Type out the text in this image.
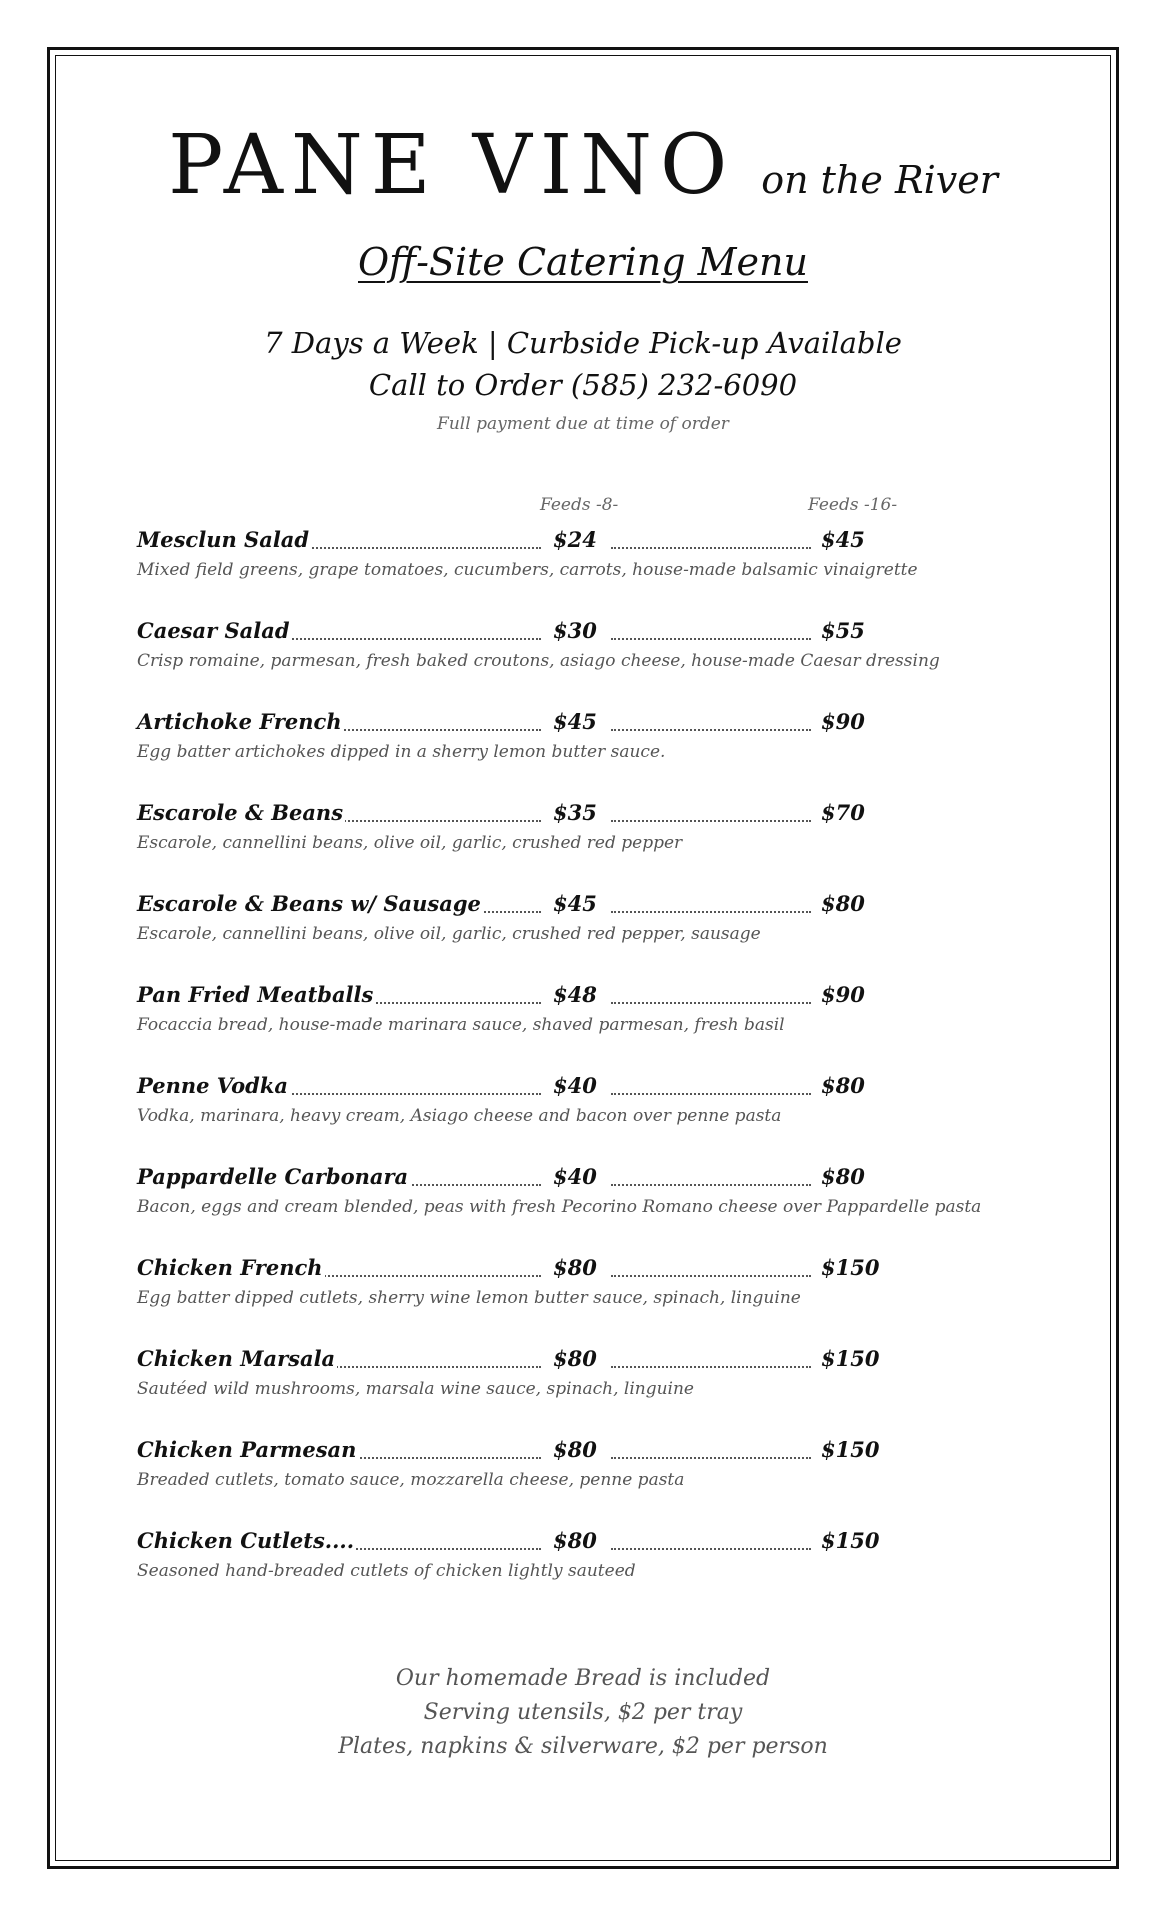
PANE VINO on the River
Off-Site Catering Menu
7 Days a Week | Curbside Pick-up Available
Call to Order (585) 232-6090
Full payment due at time of order
Feeds -8-	Feeds -16-
Mesclun Salad	$24	$45
Mixed field greens, grape tomatoes, cucumbers, carrots, house-made balsamic vinaigrette
Caesar Salad	$30	$55
Crisp romaine, parmesan, fresh baked croutons, asiago cheese, house-made Caesar dressing
Artichoke French	$45	$90
Egg batter artichokes dipped in a sherry lemon butter sauce.
Escarole & Beans	$35	$70
Escarole, cannellini beans, olive oil, garlic, crushed red pepper
Escarole & Beans w/ Sausage	$45	$80
Escarole, cannellini beans, olive oil, garlic, crushed red pepper, sausage
Pan Fried Meatballs	$48	$90
Focaccia bread, house-made marinara sauce, shaved parmesan, fresh basil
Penne Vodka	$40	$80
Vodka, marinara, heavy cream, Asiago cheese and bacon over penne pasta
Pappardelle Carbonara	$40	$80
Bacon, eggs and cream blended, peas with fresh Pecorino Romano cheese over Pappardelle pasta
Chicken French	$80	$150
Egg batter dipped cutlets, sherry wine lemon butter sauce, spinach, linguine
Chicken Marsala	$80	$150
Sautéed wild mushrooms, marsala wine sauce, spinach, linguine
Chicken Parmesan	$80	$150
Breaded cutlets, tomato sauce, mozzarella cheese, penne pasta
Chicken Cutlets....	$80	$150
Seasoned hand-breaded cutlets of chicken lightly sauteed
Our homemade Bread is included
Serving utensils, $2 per tray
Plates, napkins & silverware, $2 per person
